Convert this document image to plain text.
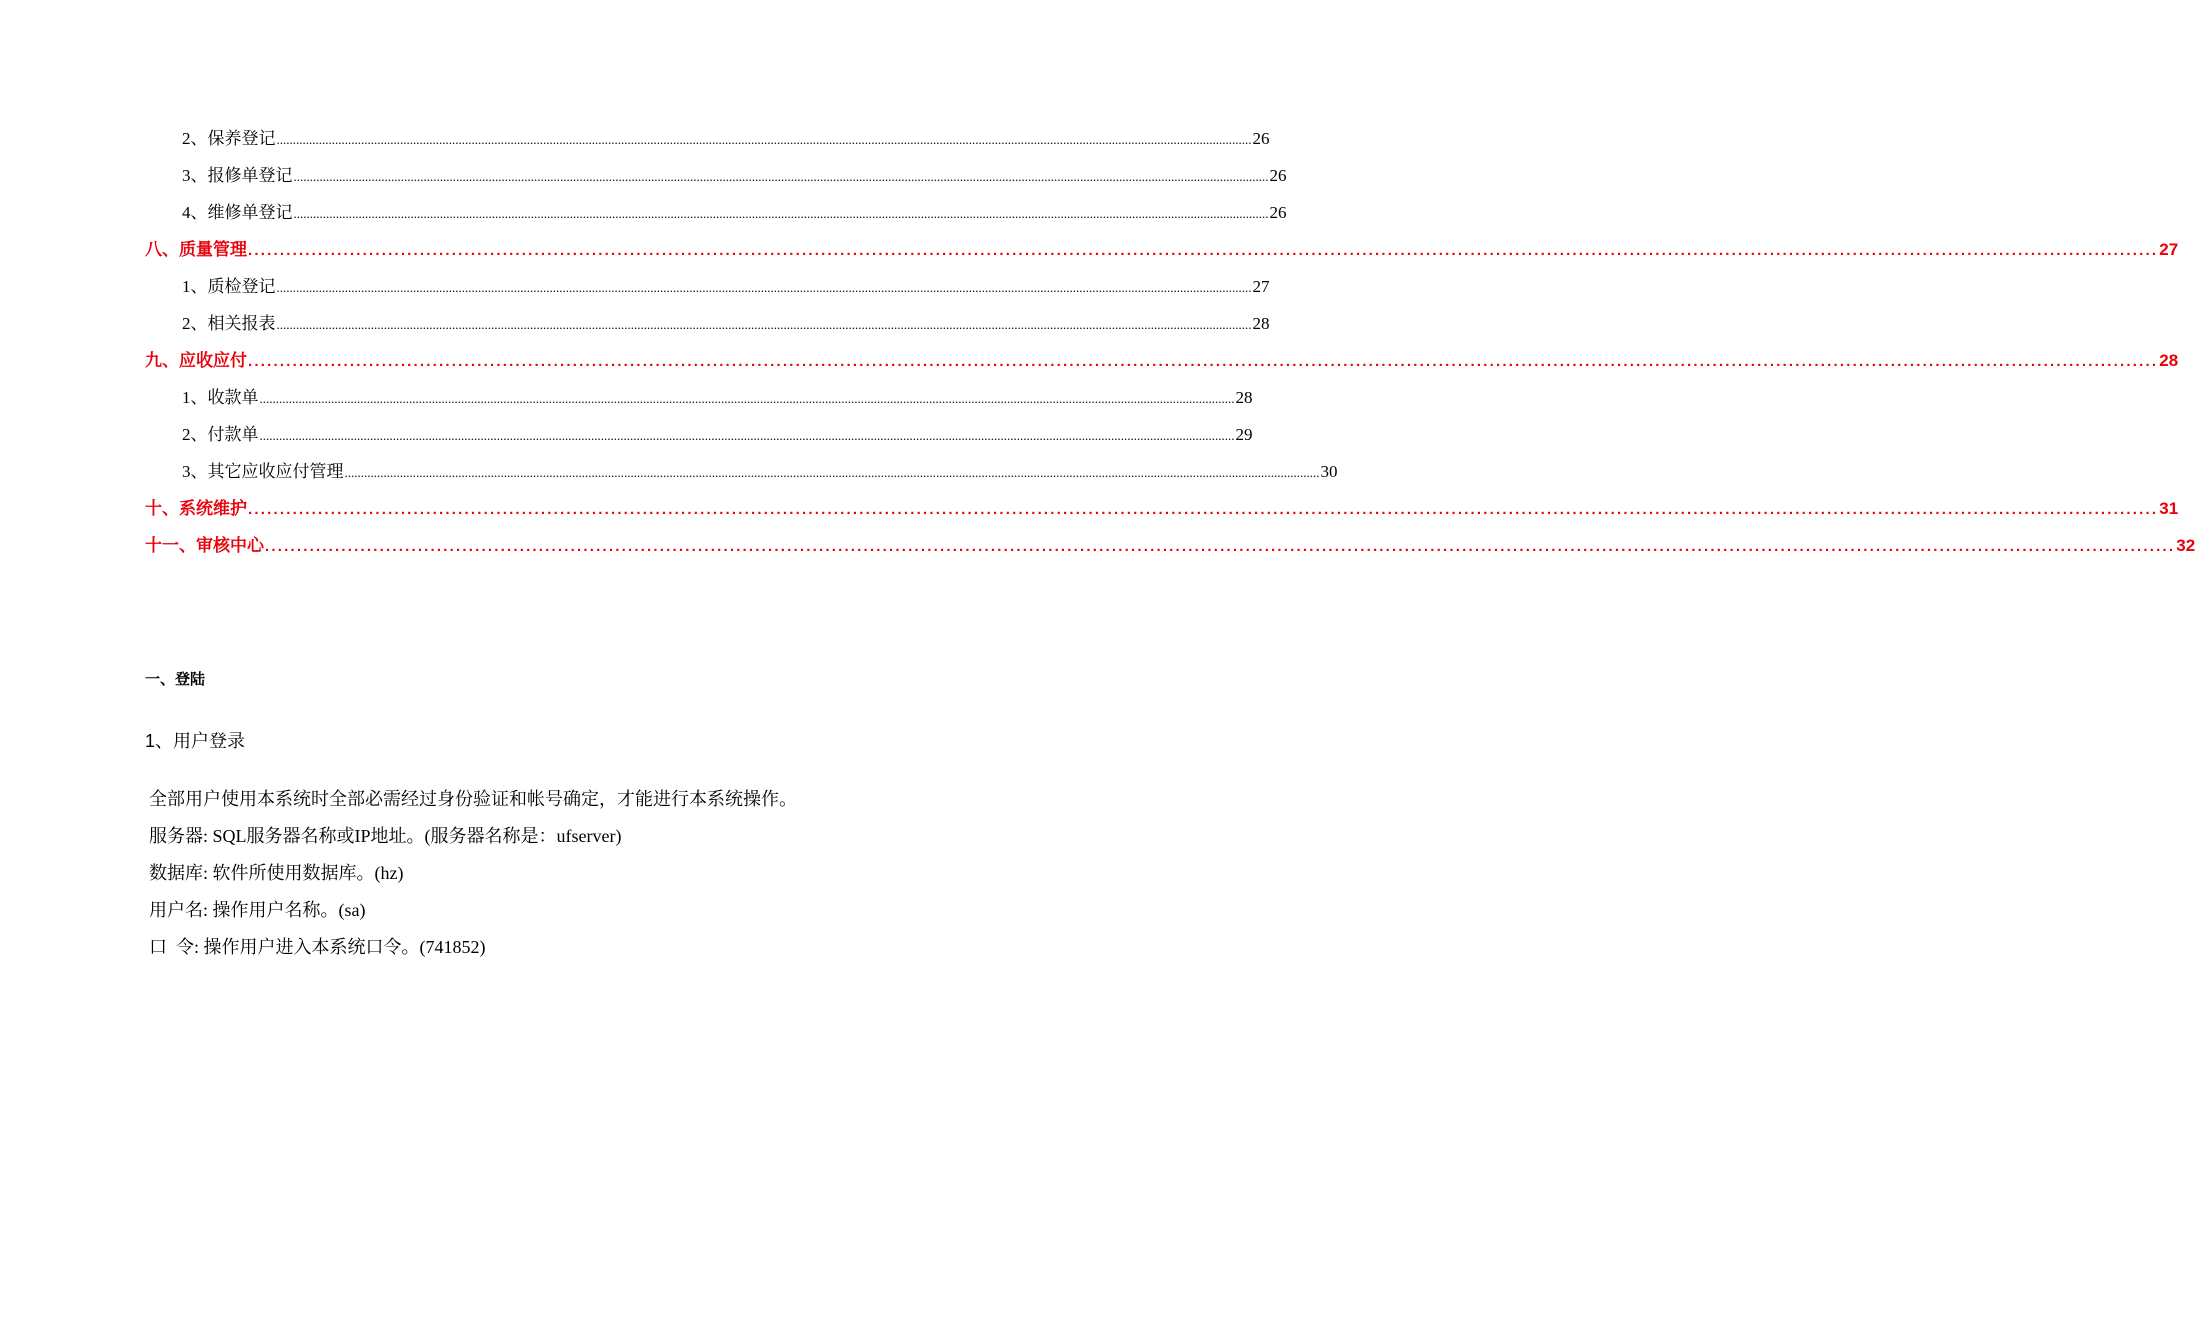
2、保养登记 ............................................................................................................................................................................................................................................................................................................ 26
3、报修单登记 ............................................................................................................................................................................................................................................................................................................ 26
4、维修单登记 ............................................................................................................................................................................................................................................................................................................ 26
八、质量管理 ............................................................................................................................................................................................................................................................................................................ 27
1、质检登记 ............................................................................................................................................................................................................................................................................................................ 27
2、相关报表 ............................................................................................................................................................................................................................................................................................................ 28
九、应收应付 ............................................................................................................................................................................................................................................................................................................ 28
1、收款单 ............................................................................................................................................................................................................................................................................................................ 28
2、付款单 ............................................................................................................................................................................................................................................................................................................ 29
3、其它应收应付管理 ............................................................................................................................................................................................................................................................................................................ 30
十、系统维护 ............................................................................................................................................................................................................................................................................................................ 31
十一、审核中心 ............................................................................................................................................................................................................................................................................................................ 32
一、登陆
1、用户登录

全部用户使用本系统时全部必需经过身份验证和帐号确定，才能进行本系统操作。

服务器: SQL服务器名称或IP地址。(服务器名称是：ufserver)

数据库: 软件所使用数据库。(hz)

用户名: 操作用户名称。(sa)

口  令: 操作用户进入本系统口令。(741852)
